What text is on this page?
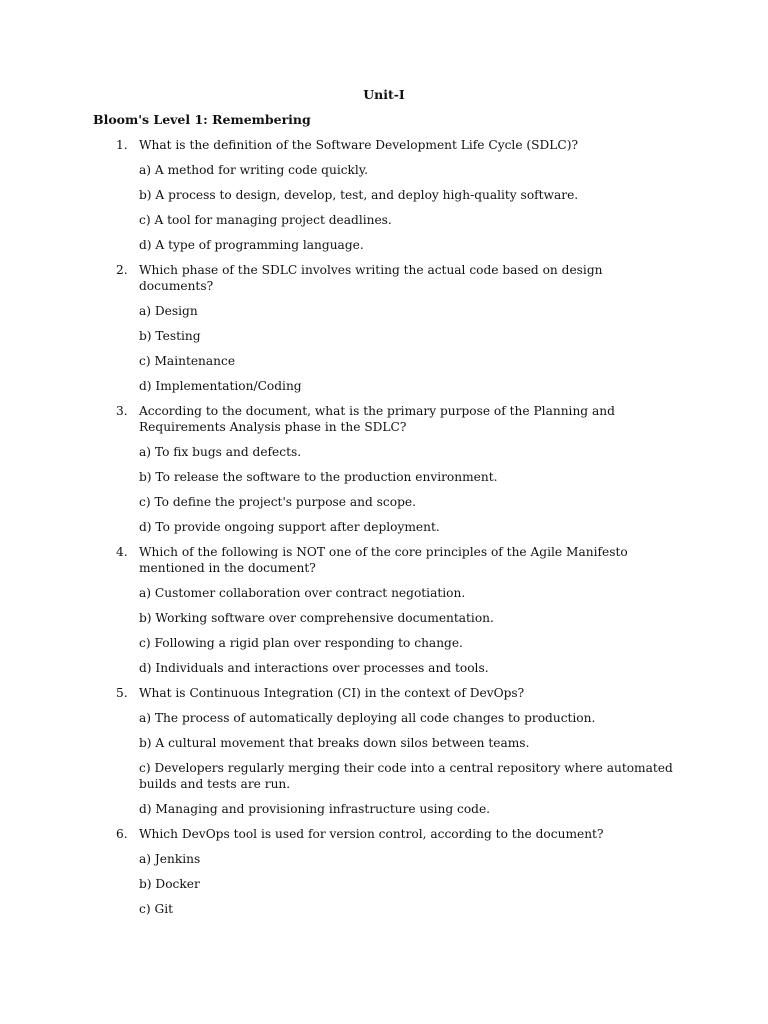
Unit-I
Bloom's Level 1: Remembering
1. What is the definition of the Software Development Life Cycle (SDLC)?
a) A method for writing code quickly.
b) A process to design, develop, test, and deploy high-quality software.
c) A tool for managing project deadlines.
d) A type of programming language.
2. Which phase of the SDLC involves writing the actual code based on design documents?
a) Design
b) Testing
c) Maintenance
d) Implementation/Coding
3. According to the document, what is the primary purpose of the Planning and Requirements Analysis phase in the SDLC?
a) To fix bugs and defects.
b) To release the software to the production environment.
c) To define the project's purpose and scope.
d) To provide ongoing support after deployment.
4. Which of the following is NOT one of the core principles of the Agile Manifesto mentioned in the document?
a) Customer collaboration over contract negotiation.
b) Working software over comprehensive documentation.
c) Following a rigid plan over responding to change.
d) Individuals and interactions over processes and tools.
5. What is Continuous Integration (CI) in the context of DevOps?
a) The process of automatically deploying all code changes to production.
b) A cultural movement that breaks down silos between teams.
c) Developers regularly merging their code into a central repository where automated builds and tests are run.
d) Managing and provisioning infrastructure using code.
6. Which DevOps tool is used for version control, according to the document?
a) Jenkins
b) Docker
c) Git
